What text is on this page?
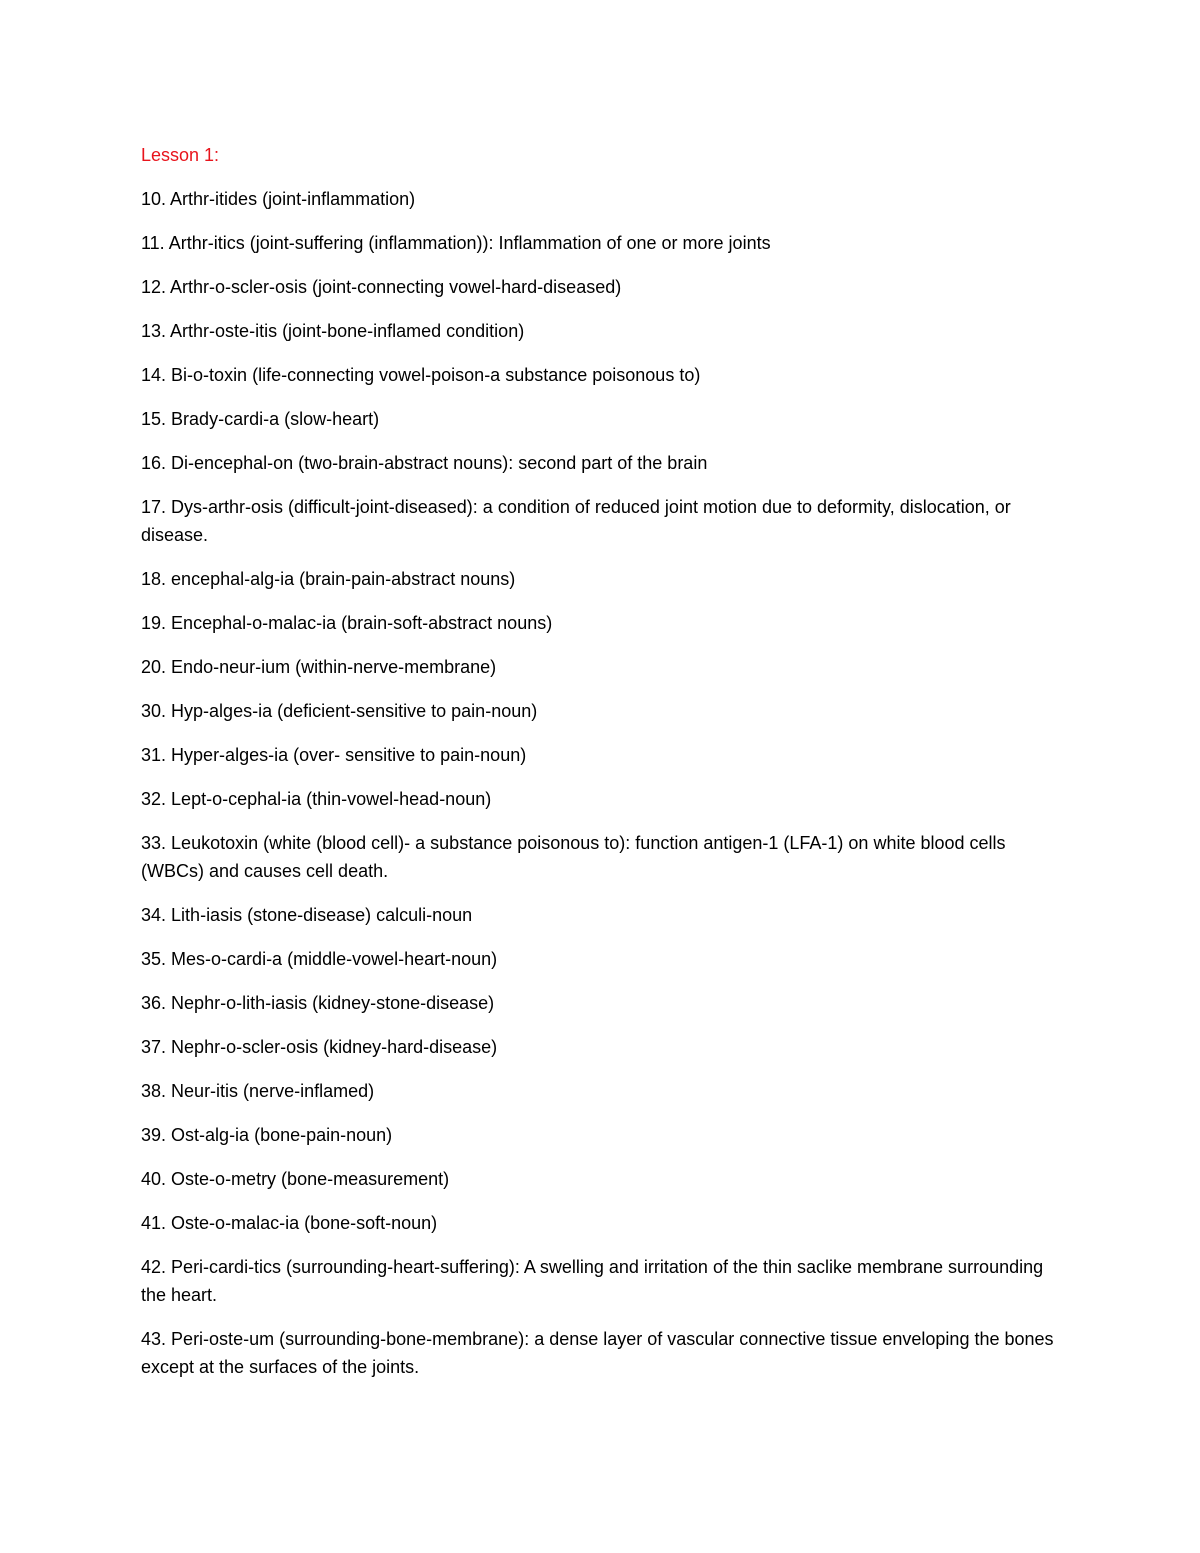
Lesson 1:

10. Arthr-itides (joint-inflammation)
11. Arthr-itics (joint-suffering (inflammation)): Inflammation of one or more joints
12. Arthr-o-scler-osis (joint-connecting vowel-hard-diseased)
13. Arthr-oste-itis (joint-bone-inflamed condition)
14. Bi-o-toxin (life-connecting vowel-poison-a substance poisonous to)
15. Brady-cardi-a (slow-heart)
16. Di-encephal-on (two-brain-abstract nouns): second part of the brain
17. Dys-arthr-osis (difficult-joint-diseased): a condition of reduced joint motion due to deformity, dislocation, or disease.
18. encephal-alg-ia (brain-pain-abstract nouns)
19. Encephal-o-malac-ia (brain-soft-abstract nouns)
20. Endo-neur-ium (within-nerve-membrane)
30. Hyp-alges-ia (deficient-sensitive to pain-noun)
31. Hyper-alges-ia (over- sensitive to pain-noun)
32. Lept-o-cephal-ia (thin-vowel-head-noun)
33. Leukotoxin (white (blood cell)- a substance poisonous to): function antigen-1 (LFA-1) on white blood cells (WBCs) and causes cell death.
34. Lith-iasis (stone-disease) calculi-noun
35. Mes-o-cardi-a (middle-vowel-heart-noun)
36. Nephr-o-lith-iasis (kidney-stone-disease)
37. Nephr-o-scler-osis (kidney-hard-disease)
38. Neur-itis (nerve-inflamed)
39. Ost-alg-ia (bone-pain-noun)
40. Oste-o-metry (bone-measurement)
41. Oste-o-malac-ia (bone-soft-noun)
42. Peri-cardi-tics (surrounding-heart-suffering): A swelling and irritation of the thin saclike membrane surrounding the heart.
43. Peri-oste-um (surrounding-bone-membrane): a dense layer of vascular connective tissue enveloping the bones except at the surfaces of the joints.
